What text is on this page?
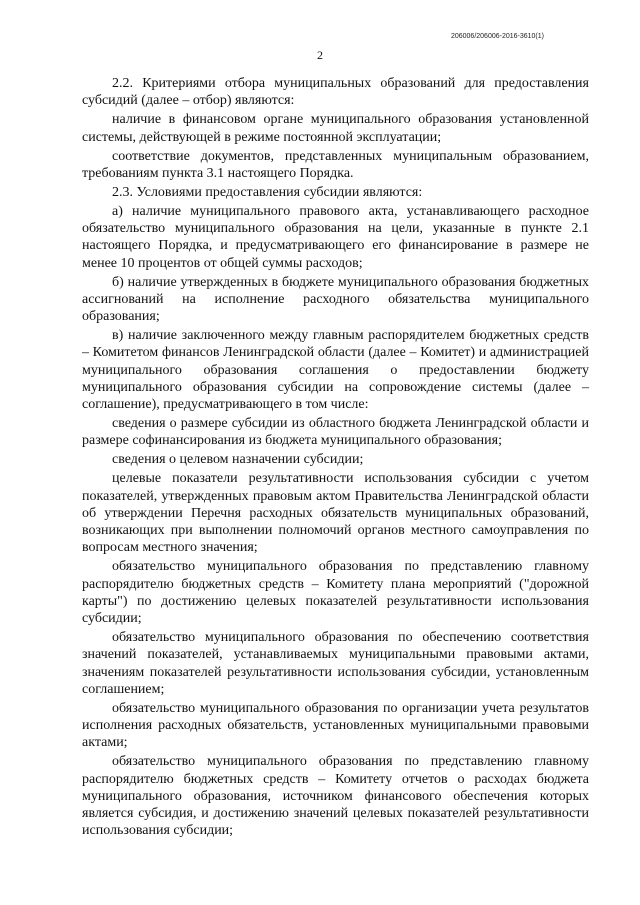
206006/206006-2016-3610(1)
2

2.2. Критериями отбора муниципальных образований для предоставления субсидий (далее – отбор) являются:

наличие в финансовом органе муниципального образования установленной системы, действующей в режиме постоянной эксплуатации;

соответствие документов, представленных муниципальным образованием, требованиям пункта 3.1 настоящего Порядка.

2.3. Условиями предоставления субсидии являются:

а) наличие муниципального правового акта, устанавливающего расходное обязательство муниципального образования на цели, указанные в пункте 2.1 настоящего Порядка, и предусматривающего его финансирование в размере не менее 10 процентов от общей суммы расходов;

б) наличие утвержденных в бюджете муниципального образования бюджетных ассигнований на исполнение расходного обязательства муниципального образования;

в) наличие заключенного между главным распорядителем бюджетных средств – Комитетом финансов Ленинградской области (далее – Комитет) и администрацией муниципального образования соглашения о предоставлении бюджету муниципального образования субсидии на сопровождение системы (далее – соглашение), предусматривающего в том числе:

сведения о размере субсидии из областного бюджета Ленинградской области и размере софинансирования из бюджета муниципального образования;

сведения о целевом назначении субсидии;

целевые показатели результативности использования субсидии с учетом показателей, утвержденных правовым актом Правительства Ленинградской области об утверждении Перечня расходных обязательств муниципальных образований, возникающих при выполнении полномочий органов местного самоуправления по вопросам местного значения;

обязательство муниципального образования по представлению главному распорядителю бюджетных средств – Комитету плана мероприятий ("дорожной карты") по достижению целевых показателей результативности использования субсидии;

обязательство муниципального образования по обеспечению соответствия значений показателей, устанавливаемых муниципальными правовыми актами, значениям показателей результативности использования субсидии, установленным соглашением;

обязательство муниципального образования по организации учета результатов исполнения расходных обязательств, установленных муниципальными правовыми актами;

обязательство муниципального образования по представлению главному распорядителю бюджетных средств – Комитету отчетов о расходах бюджета муниципального образования, источником финансового обеспечения которых является субсидия, и достижению значений целевых показателей результативности использования субсидии;
